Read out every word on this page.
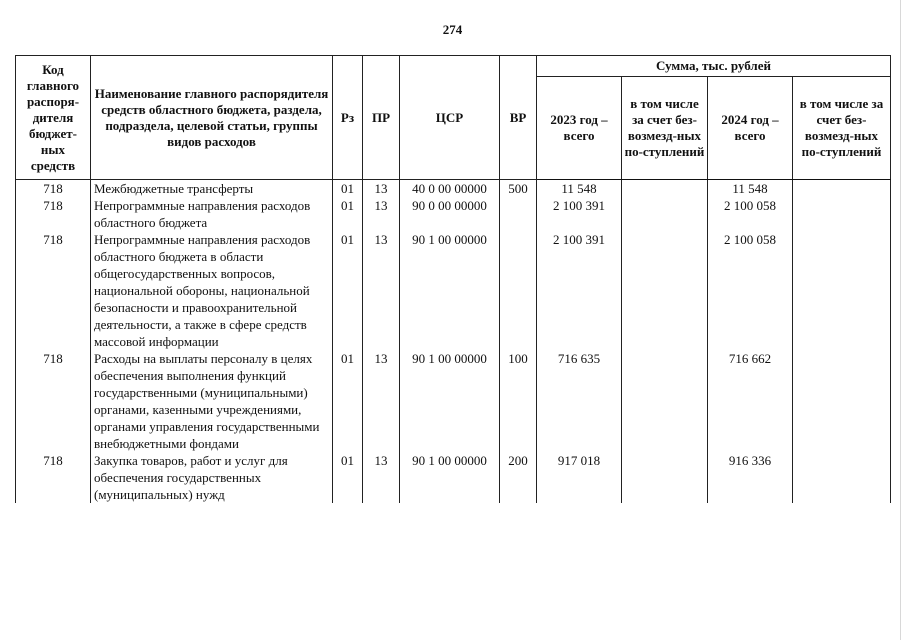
274
Код главного распоря-дителя бюджет-ных средств	Наименование главного распорядителя средств областного бюджета, раздела, подраздела, целевой статьи, группы видов расходов	Рз	ПР	ЦСР	ВР	Сумма, тыс. рублей			
						2023 год – всего	в том числе за счет без-возмезд-ных по-ступлений	2024 год – всего	в том числе за счет без-возмезд-ных по-ступлений
718	Межбюджетные трансферты	01	13	40 0 00 00000	500	11 548		11 548	
718	Непрограммные направления расходов областного бюджета	01	13	90 0 00 00000		2 100 391		2 100 058	
718	Непрограммные направления расходов областного бюджета в области общегосударственных вопросов, национальной обороны, национальной безопасности и правоохранительной деятельности, а также в сфере средств массовой информации	01	13	90 1 00 00000		2 100 391		2 100 058	
718	Расходы на выплаты персоналу в целях обеспечения выполнения функций государственными (муниципальными) органами, казенными учреждениями, органами управления государственными внебюджетными фондами	01	13	90 1 00 00000	100	716 635		716 662	
718	Закупка товаров, работ и услуг для обеспечения государственных (муниципальных) нужд	01	13	90 1 00 00000	200	917 018		916 336	
